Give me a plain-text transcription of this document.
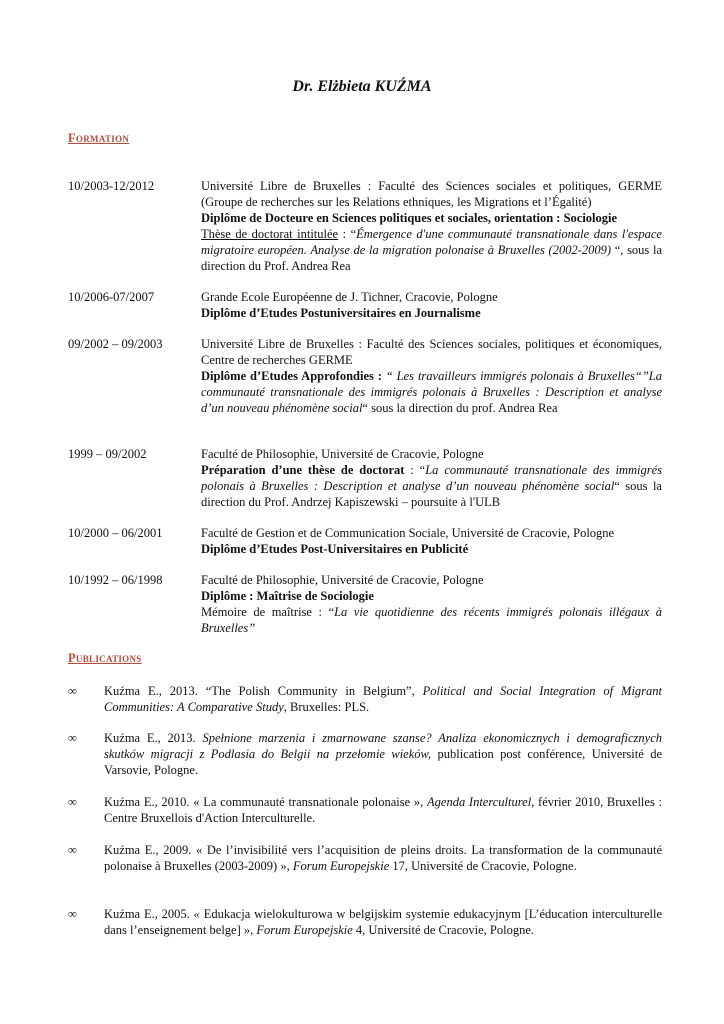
Dr. Elżbieta KUŹMA
Formation
10/2003-12/2012	Université Libre de Bruxelles : Faculté des Sciences sociales et politiques, GERME (Groupe de recherches sur les Relations ethniques, les Migrations et l’Égalité)
Diplôme de Docteure en Sciences politiques et sociales, orientation : Sociologie
Thèse de doctorat intitulée : “Émergence d'une communauté transnationale dans l'espace migratoire européen. Analyse de la migration polonaise à Bruxelles (2002-2009) “, sous la direction du Prof. Andrea Rea
10/2006-07/2007	Grande Ecole Européenne de J. Tichner, Cracovie, Pologne
Diplôme d’Etudes Postuniversitaires en Journalisme
09/2002 – 09/2003	Université Libre de Bruxelles : Faculté des Sciences sociales, politiques et économiques, Centre de recherches GERME
Diplôme d’Etudes Approfondies : “ Les travailleurs immigrés polonais à Bruxelles“”La communauté transnationale des immigrés polonais à Bruxelles : Description et analyse d’un nouveau phénomène social“ sous la direction du prof. Andrea Rea
1999 – 09/2002	Faculté de Philosophie, Université de Cracovie, Pologne
Préparation d’une thèse de doctorat : “La communauté transnationale des immigrés polonais à Bruxelles : Description et analyse d’un nouveau phénomène social“ sous la direction du Prof. Andrzej Kapiszewski – poursuite à l'ULB
10/2000 – 06/2001	Faculté de Gestion et de Communication Sociale, Université de Cracovie, Pologne
Diplôme d’Etudes Post-Universitaires en Publicité
10/1992 – 06/1998	Faculté de Philosophie, Université de Cracovie, Pologne
Diplôme : Maîtrise de Sociologie
Mémoire de maîtrise : “La vie quotidienne des récents immigrés polonais illégaux à Bruxelles”
Publications
∞	Kuźma E., 2013. “The Polish Community in Belgium”, Political and Social Integration of Migrant Communities: A Comparative Study, Bruxelles: PLS.
∞	Kuźma E., 2013. Spełnione marzenia i zmarnowane szanse? Analiza ekonomicznych i demograficznych skutków migracji z Podlasia do Belgii na przełomie wieków, publication post conférence, Université de Varsovie, Pologne.
∞	Kuźma E., 2010. « La communauté transnationale polonaise », Agenda Interculturel, février 2010, Bruxelles : Centre Bruxellois d'Action Interculturelle.
∞	Kuźma E., 2009. « De l’invisibilité vers l’acquisition de pleins droits. La transformation de la communauté polonaise à Bruxelles (2003-2009) », Forum Europejskie 17, Université de Cracovie, Pologne.
∞	Kuźma E., 2005. « Edukacja wielokulturowa w belgijskim systemie edukacyjnym [L’éducation interculturelle dans l’enseignement belge] », Forum Europejskie 4, Université de Cracovie, Pologne.
